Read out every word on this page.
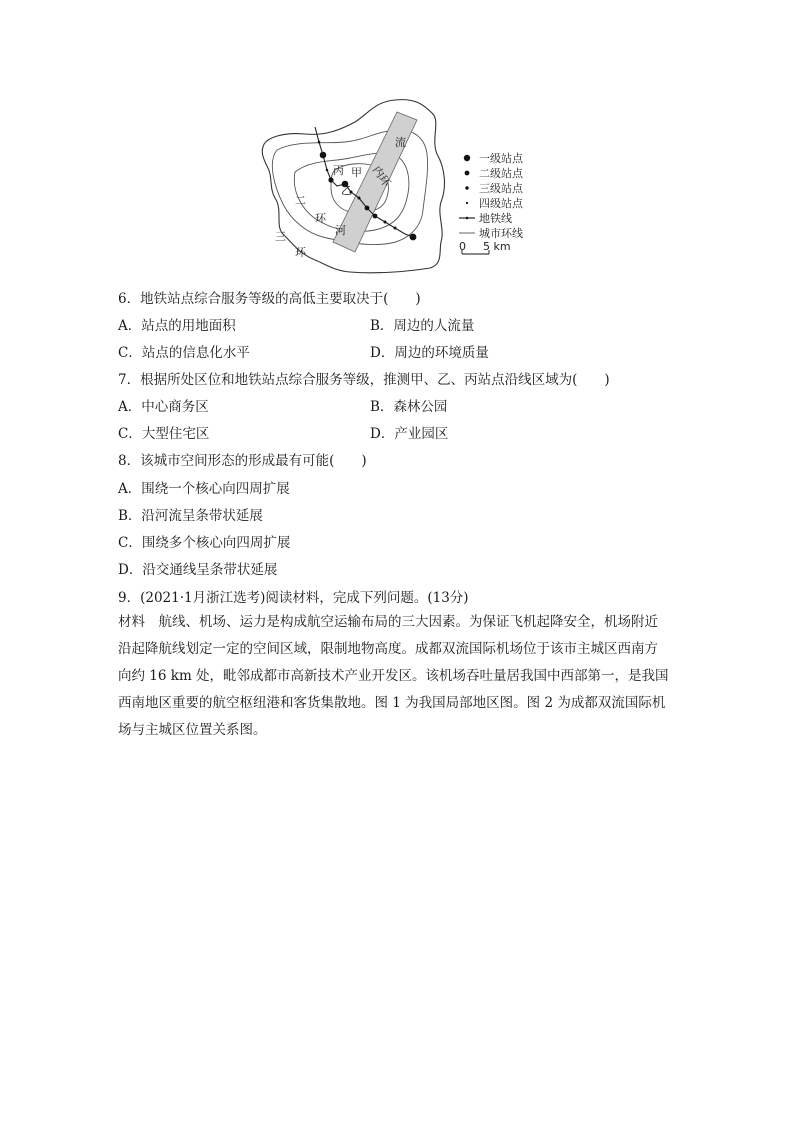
流
内环
丙 甲
乙
二
环
河
三
环
一级站点
二级站点
三级站点
四级站点
地铁线
城市环线
0 5 km
6．地铁站点综合服务等级的高低主要取决于(　　)
A．站点的用地面积	B．周边的人流量
C．站点的信息化水平	D．周边的环境质量
7．根据所处区位和地铁站点综合服务等级，推测甲、乙、丙站点沿线区域为(　　)
A．中心商务区	B．森林公园
C．大型住宅区	D．产业园区
8．该城市空间形态的形成最有可能(　　)
A．围绕一个核心向四周扩展
B．沿河流呈条带状延展
C．围绕多个核心向四周扩展
D．沿交通线呈条带状延展
9．(2021·1月浙江选考)阅读材料，完成下列问题。(13分)
材料　航线、机场、运力是构成航空运输布局的三大因素。为保证飞机起降安全，机场附近
沿起降航线划定一定的空间区域，限制地物高度。成都双流国际机场位于该市主城区西南方
向约 16 km 处，毗邻成都市高新技术产业开发区。该机场吞吐量居我国中西部第一，是我国
西南地区重要的航空枢纽港和客货集散地。图 1 为我国局部地区图。图 2 为成都双流国际机
场与主城区位置关系图。
